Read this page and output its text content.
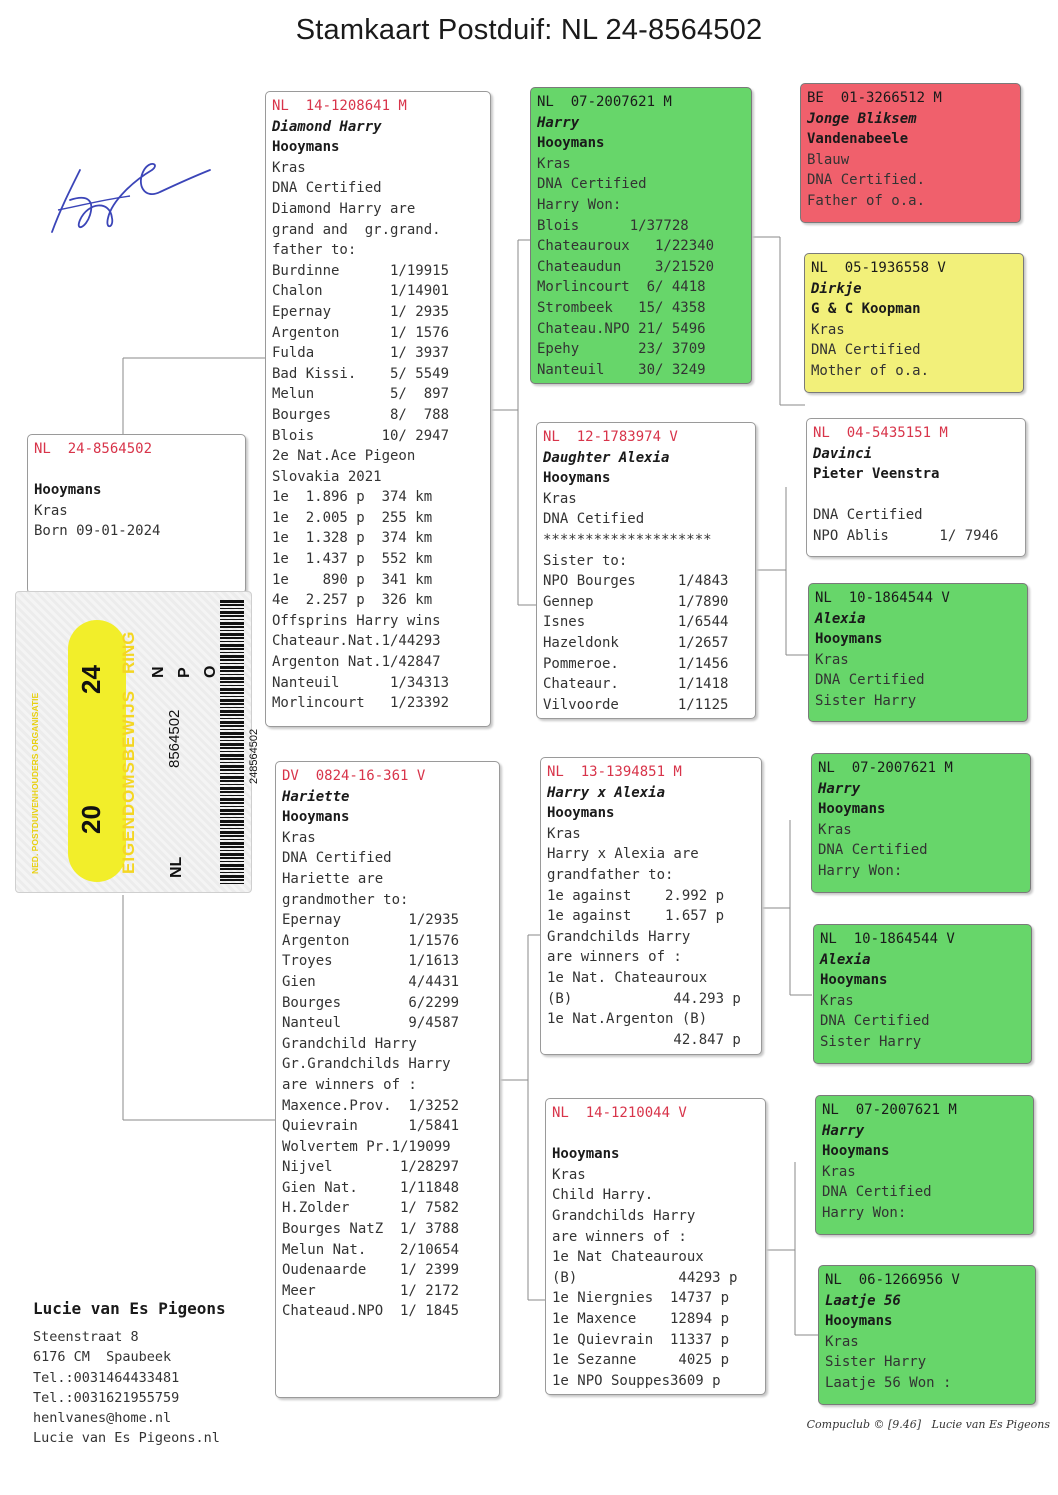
Stamkaart Postduif: NL 24-8564502
NL  24-8564502
Hooymans
Kras
Born 09-01-2024
NED. POSTDUIVENHOUDERS ORGANISATIE	EIGENDOMSBEWIJS
RING
20
24
NL
8564502
N P O
248564502
NL  14-1208641 M
Diamond Harry
Hooymans
Kras
DNA Certified
Diamond Harry are
grand and  gr.grand.
father to:
Burdinne      1/19915
Chalon        1/14901
Epernay       1/ 2935
Argenton      1/ 1576
Fulda         1/ 3937
Bad Kissi.    5/ 5549
Melun         5/  897
Bourges       8/  788
Blois        10/ 2947
2e Nat.Ace Pigeon
Slovakia 2021
1e  1.896 p  374 km
1e  2.005 p  255 km
1e  1.328 p  374 km
1e  1.437 p  552 km
1e    890 p  341 km
4e  2.257 p  326 km
Offsprins Harry wins
Chateaur.Nat.1/44293
Argenton Nat.1/42847
Nanteuil      1/34313
Morlincourt   1/23392
DV  0824-16-361 V
Hariette
Hooymans
Kras
DNA Certified
Hariette are
grandmother to:
Epernay        1/2935
Argenton       1/1576
Troyes         1/1613
Gien           4/4431
Bourges        6/2299
Nanteul        9/4587
Grandchild Harry
Gr.Grandchilds Harry
are winners of :
Maxence.Prov.  1/3252
Quievrain      1/5841
Wolvertem Pr.1/19099
Nijvel        1/28297
Gien Nat.     1/11848
H.Zolder      1/ 7582
Bourges NatZ  1/ 3788
Melun Nat.    2/10654
Oudenaarde    1/ 2399
Meer          1/ 2172
Chateaud.NPO  1/ 1845
NL  07-2007621 M
Harry
Hooymans
Kras
DNA Certified
Harry Won:
Blois      1/37728
Chateauroux   1/22340
Chateaudun    3/21520
Morlincourt  6/ 4418
Strombeek   15/ 4358
Chateau.NPO 21/ 5496
Epehy       23/ 3709
Nanteuil    30/ 3249
NL  12-1783974 V
Daughter Alexia
Hooymans
Kras
DNA Cetified
********************
Sister to:
NPO Bourges     1/4843
Gennep          1/7890
Isnes           1/6544
Hazeldonk       1/2657
Pommeroe.       1/1456
Chateaur.       1/1418
Vilvoorde       1/1125
NL  13-1394851 M
Harry x Alexia
Hooymans
Kras
Harry x Alexia are
grandfather to:
1e against    2.992 p
1e against    1.657 p
Grandchilds Harry
are winners of :
1e Nat. Chateauroux
(B)            44.293 p
1e Nat.Argenton (B)
42.847 p
NL  14-1210044 V
Hooymans
Kras
Child Harry.
Grandchilds Harry
are winners of :
1e Nat Chateauroux
(B)            44293 p
1e Niergnies  14737 p
1e Maxence    12894 p
1e Quievrain  11337 p
1e Sezanne     4025 p
1e NPO Souppes3609 p
BE  01-3266512 M
Jonge Bliksem
Vandenabeele
Blauw
DNA Certified.
Father of o.a.
NL  05-1936558 V
Dirkje
G & C Koopman
Kras
DNA Certified
Mother of o.a.
NL  04-5435151 M
Davinci
Pieter Veenstra
DNA Certified
NPO Ablis      1/ 7946
NL  10-1864544 V
Alexia
Hooymans
Kras
DNA Certified
Sister Harry
NL  07-2007621 M
Harry
Hooymans
Kras
DNA Certified
Harry Won:
NL  10-1864544 V
Alexia
Hooymans
Kras
DNA Certified
Sister Harry
NL  07-2007621 M
Harry
Hooymans
Kras
DNA Certified
Harry Won:
NL  06-1266956 V
Laatje 56
Hooymans
Kras
Sister Harry
Laatje 56 Won :
Lucie van Es Pigeons
Steenstraat 8
6176 CM  Spaubeek
Tel.:0031464433481
Tel.:0031621955759
henlvanes@home.nl
Lucie van Es Pigeons.nl
Compuclub © [9.46]   Lucie van Es Pigeons
